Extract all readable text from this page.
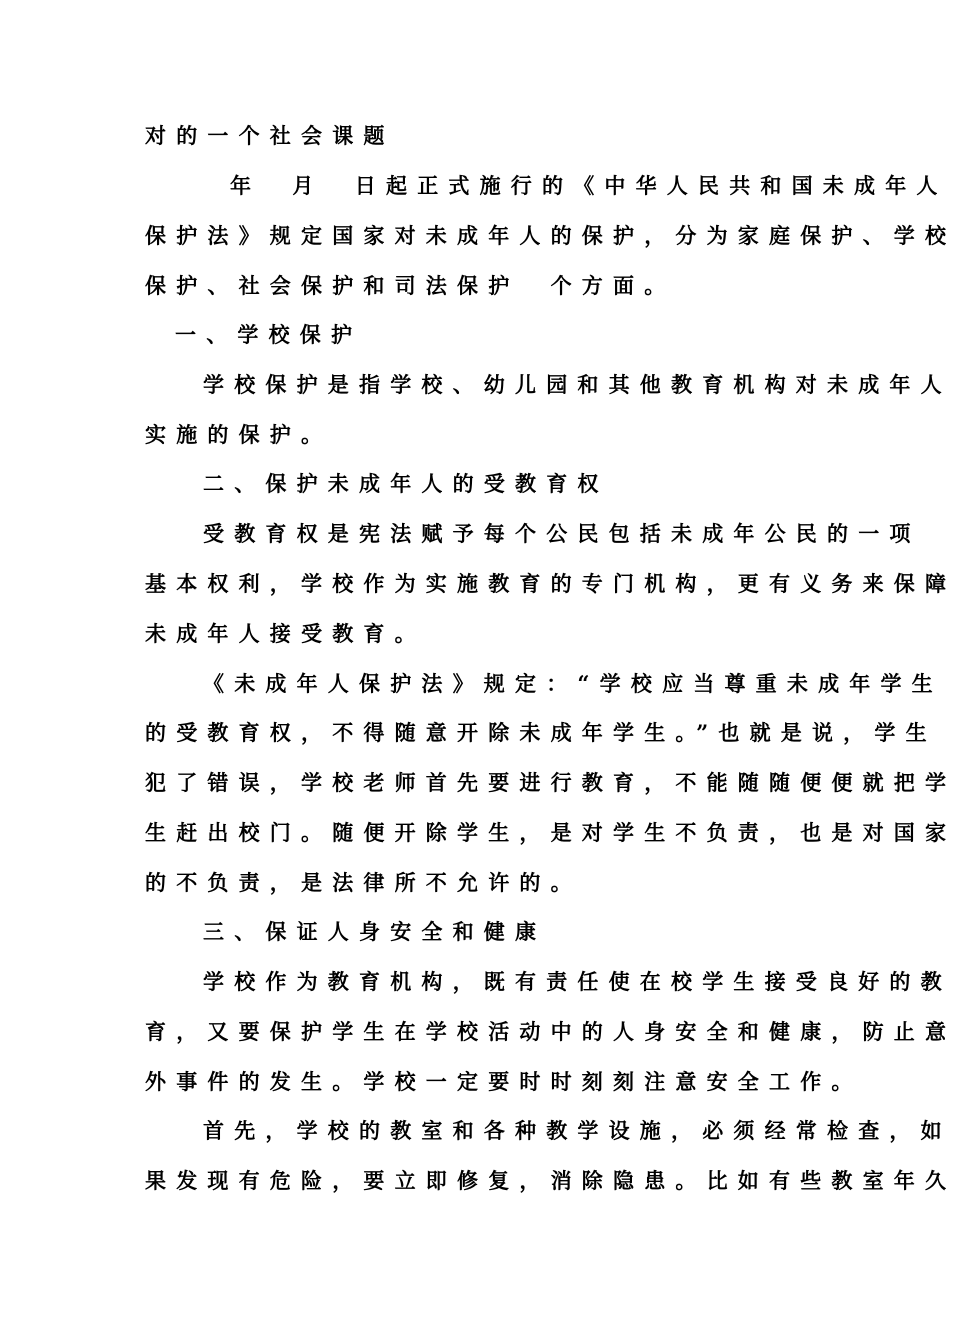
对的一个社会课题
年　月　日起正式施行的《中华人民共和国未成年人
保护法》规定国家对未成年人的保护，分为家庭保护、学校
保护、社会保护和司法保护　个方面。
一、学校保护
学校保护是指学校、幼儿园和其他教育机构对未成年人
实施的保护。
二、保护未成年人的受教育权
受教育权是宪法赋予每个公民包括未成年公民的一项
基本权利，学校作为实施教育的专门机构，更有义务来保障
未成年人接受教育。
《未成年人保护法》规定：“学校应当尊重未成年学生
的受教育权，不得随意开除未成年学生。”也就是说，学生
犯了错误，学校老师首先要进行教育，不能随随便便就把学
生赶出校门。随便开除学生，是对学生不负责，也是对国家
的不负责，是法律所不允许的。
三、保证人身安全和健康
学校作为教育机构，既有责任使在校学生接受良好的教
育，又要保护学生在学校活动中的人身安全和健康，防止意
外事件的发生。学校一定要时时刻刻注意安全工作。
首先，学校的教室和各种教学设施，必须经常检查，如
果发现有危险，要立即修复，消除隐患。比如有些教室年久
